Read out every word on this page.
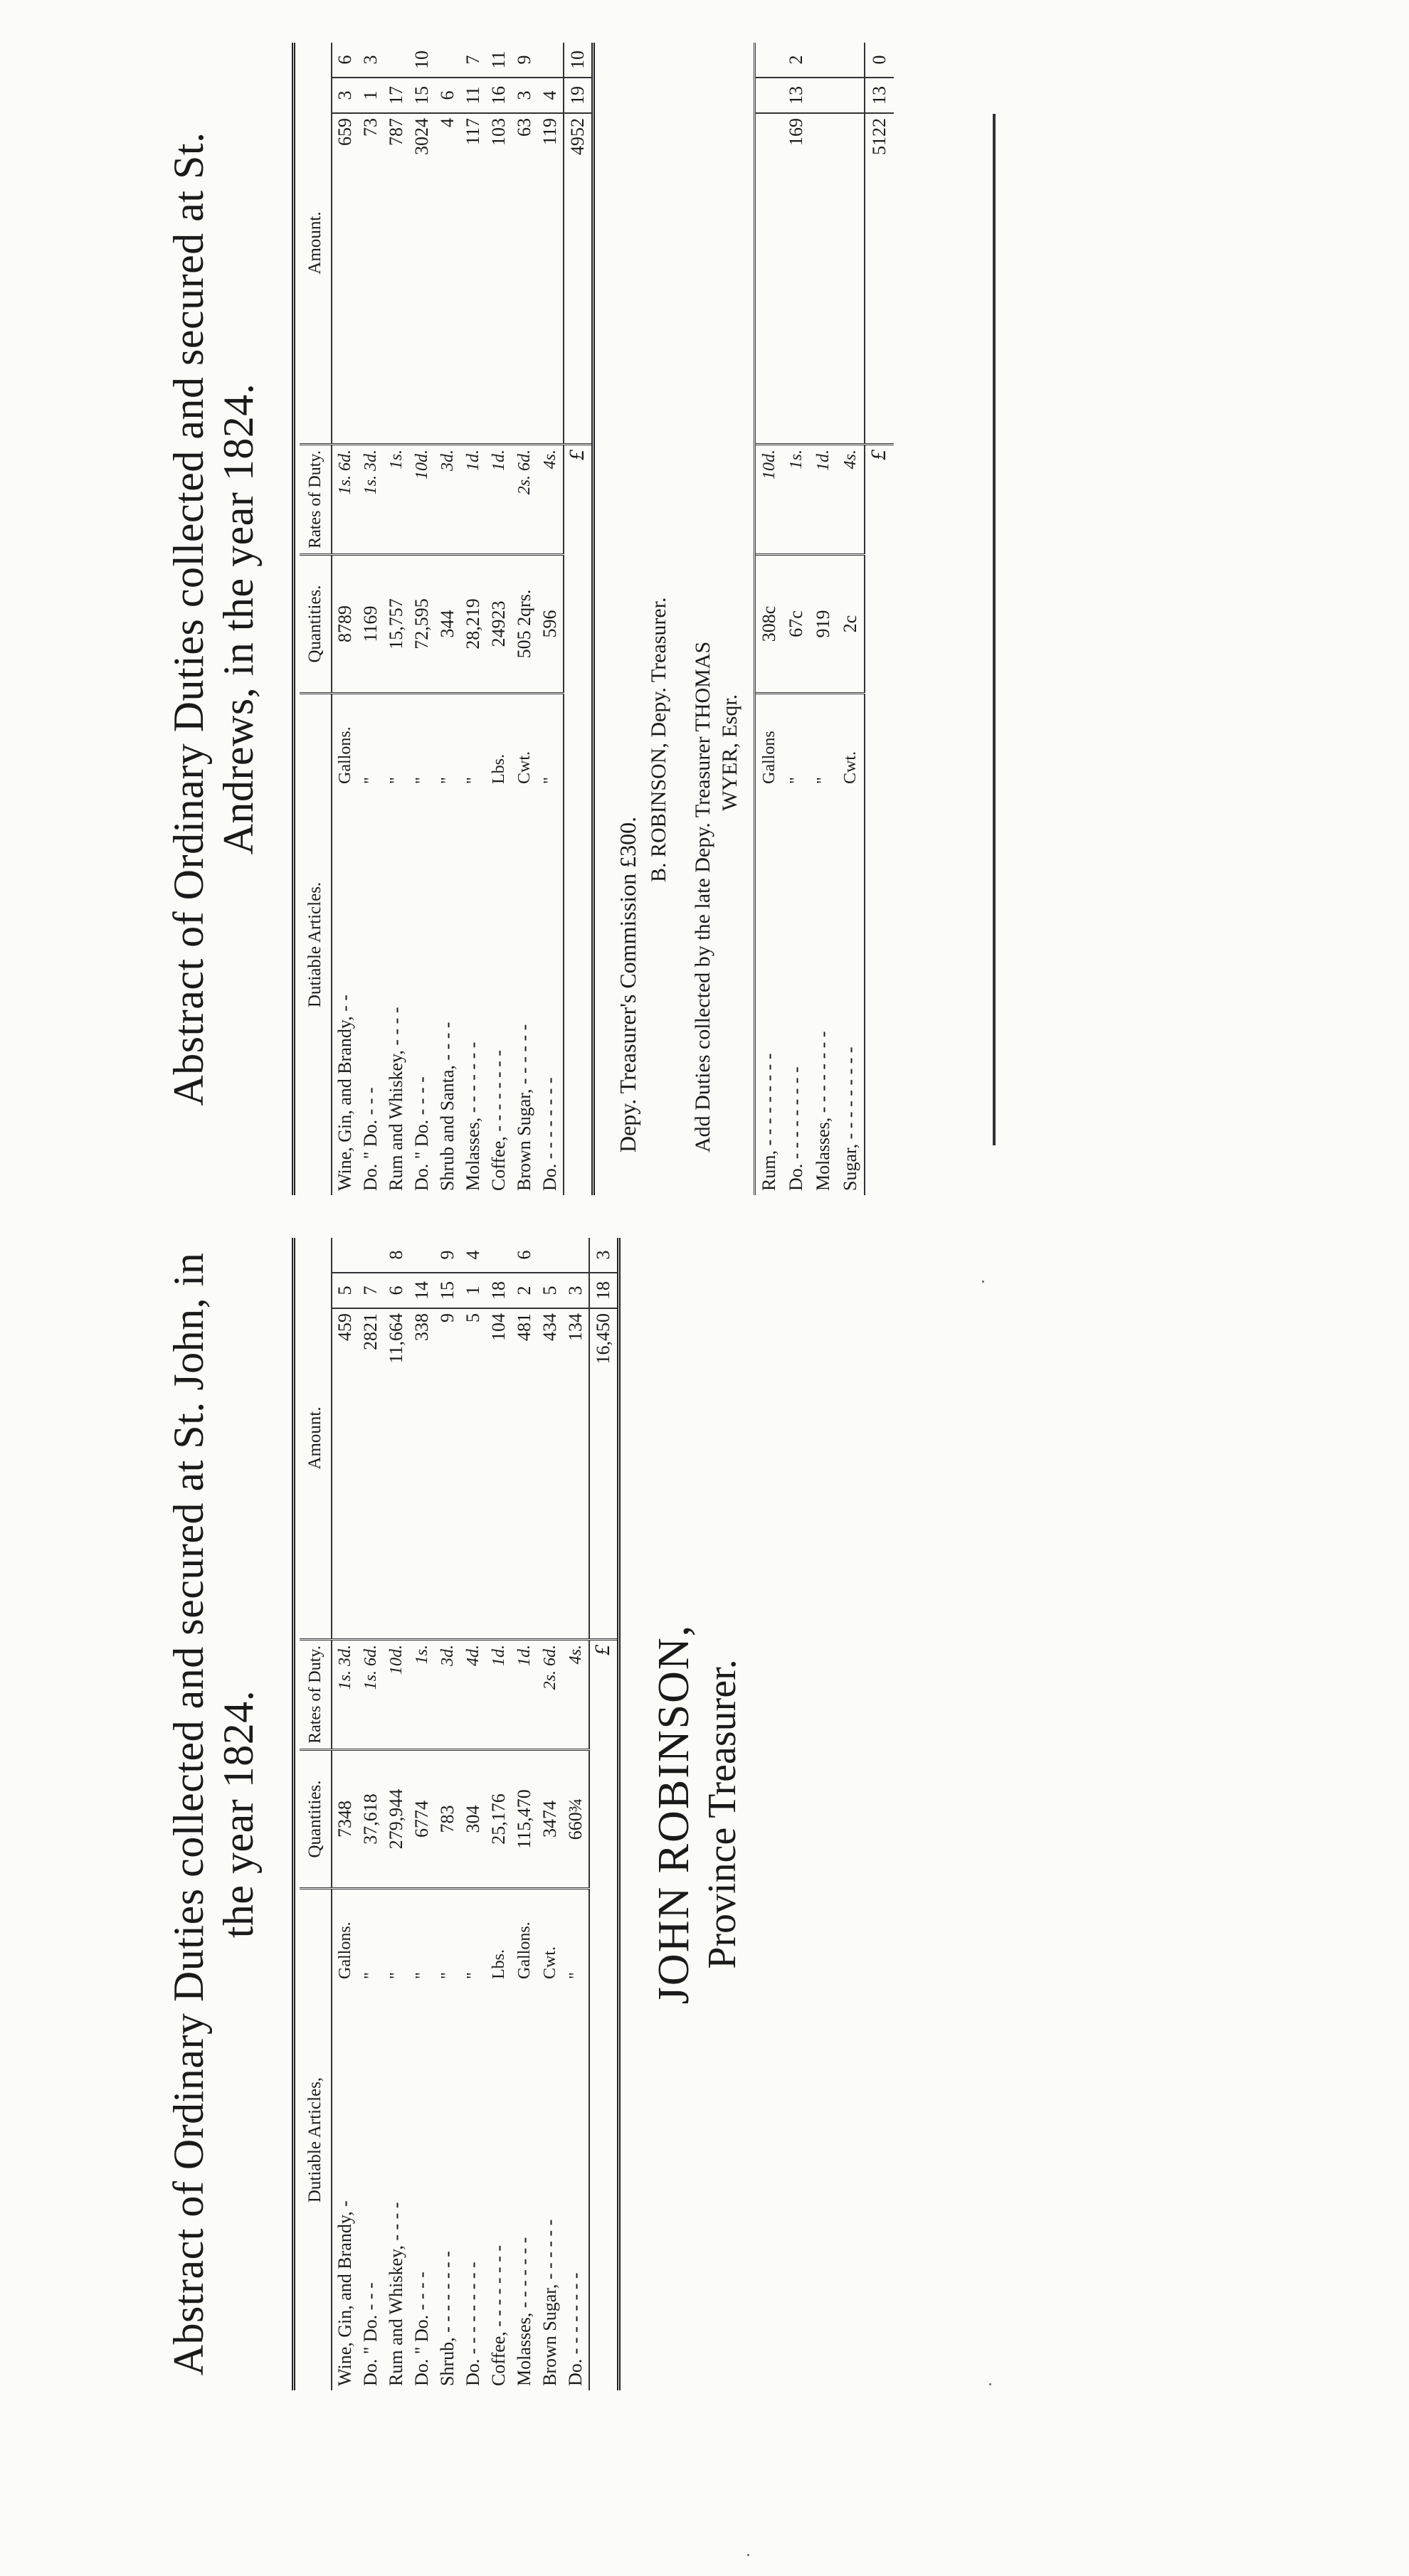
Abstract of Ordinary Duties collected and secured at St. Andrews, in the year 1824.
Dutiable Articles.		Quantities.	Rates of Duty.	Amount.		
Wine, Gin, and Brandy, - -	Gallons.	8789	1s. 6d.	659	3	6
Do. " Do. - - -	"	1169	1s. 3d.	73	1	3
Rum and Whiskey, - - - -	"	15,757	1s.	787	17	
Do. " Do. - - - -	"	72,595	10d.	3024	15	10
Shrub and Santa, - - - -	"	344	3d.	4	6	
Molasses, - - - - - - -	"	28,219	1d.	117	11	7
Coffee, - - - - - - - -	Lbs.	24923	1d.	103	16	11
Brown Sugar, - - - - - -	Cwt.	505 2qrs.	2s. 6d.	63	3	9
Do. - - - - - - - -	"	596	4s.	119	4	
			£	4952	19	10
Depy. Treasurer's Commission £300.
B. ROBINSON, Depy. Treasurer. Add Duties collected by the late Depy. Treasurer THOMAS WYER, Esqr.
Rum, - - - - - - - - -	Gallons	308c	10d.			
Do. - - - - - - - - -	"	67c	1s.	169	13	2
Molasses, - - - - - - - -	"	919	1d.			
Sugar, - - - - - - - - -	Cwt.	2c	4s.			
			£	5122	13	0
Abstract of Ordinary Duties collected and secured at St. John, in the year 1824.
Dutiable Articles,		Quantities.	Rates of Duty.	Amount.		
Wine, Gin, and Brandy, -	Gallons.	7348	1s. 3d.	459	5	
Do. " Do. - - -	"	37,618	1s. 6d.	2821	7	
Rum and Whiskey, - - - -	"	279,944	10d.	11,664	6	8
Do. " Do. - - - -	"	6774	1s.	338	14	
Shrub, - - - - - - - -	"	783	3d.	9	15	9
Do. - - - - - - - - -	"	304	4d.	5	1	4
Coffee, - - - - - - - -	Lbs.	25,176	1d.	104	18	
Molasses, - - - - - - -	Gallons.	115,470	1d.	481	2	6
Brown Sugar, - - - - - -	Cwt.	3474	2s. 6d.	434	5	
Do. - - - - - - - -	"	660¾	4s.	134	3	
			£	16,450	18	3
JOHN ROBINSON, Province Treasurer.
